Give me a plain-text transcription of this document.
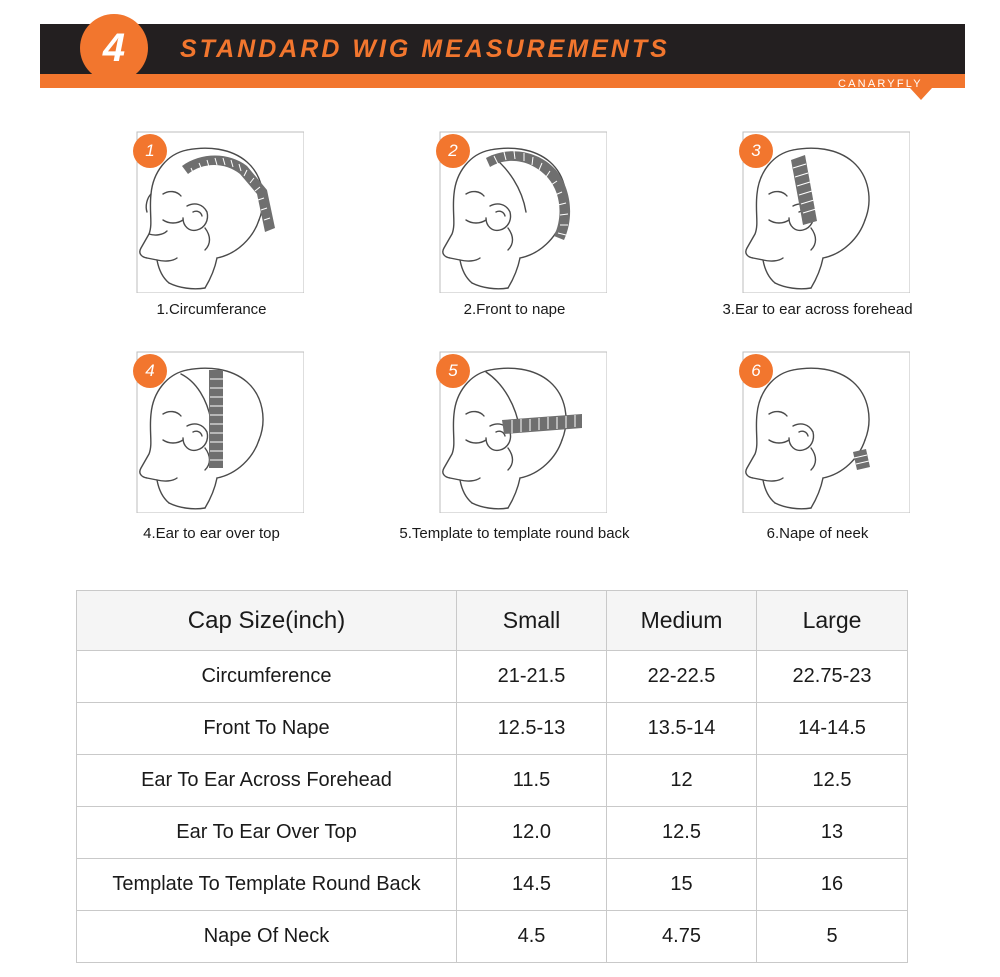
4	STANDARD WIG MEASUREMENTS
CANARYFLY
1
1.Circumferance
2
2.Front to nape
3
3.Ear to ear across forehead
4
4.Ear to ear over top
5
5.Template to template round back
6
6.Nape of neek
Cap Size(inch)	Small	Medium	Large
Circumference	21-21.5	22-22.5	22.75-23
Front To Nape	12.5-13	13.5-14	14-14.5
Ear To Ear Across Forehead	11.5	12	12.5
Ear To Ear Over Top	12.0	12.5	13
Template To Template Round Back	14.5	15	16
Nape Of Neck	4.5	4.75	5
